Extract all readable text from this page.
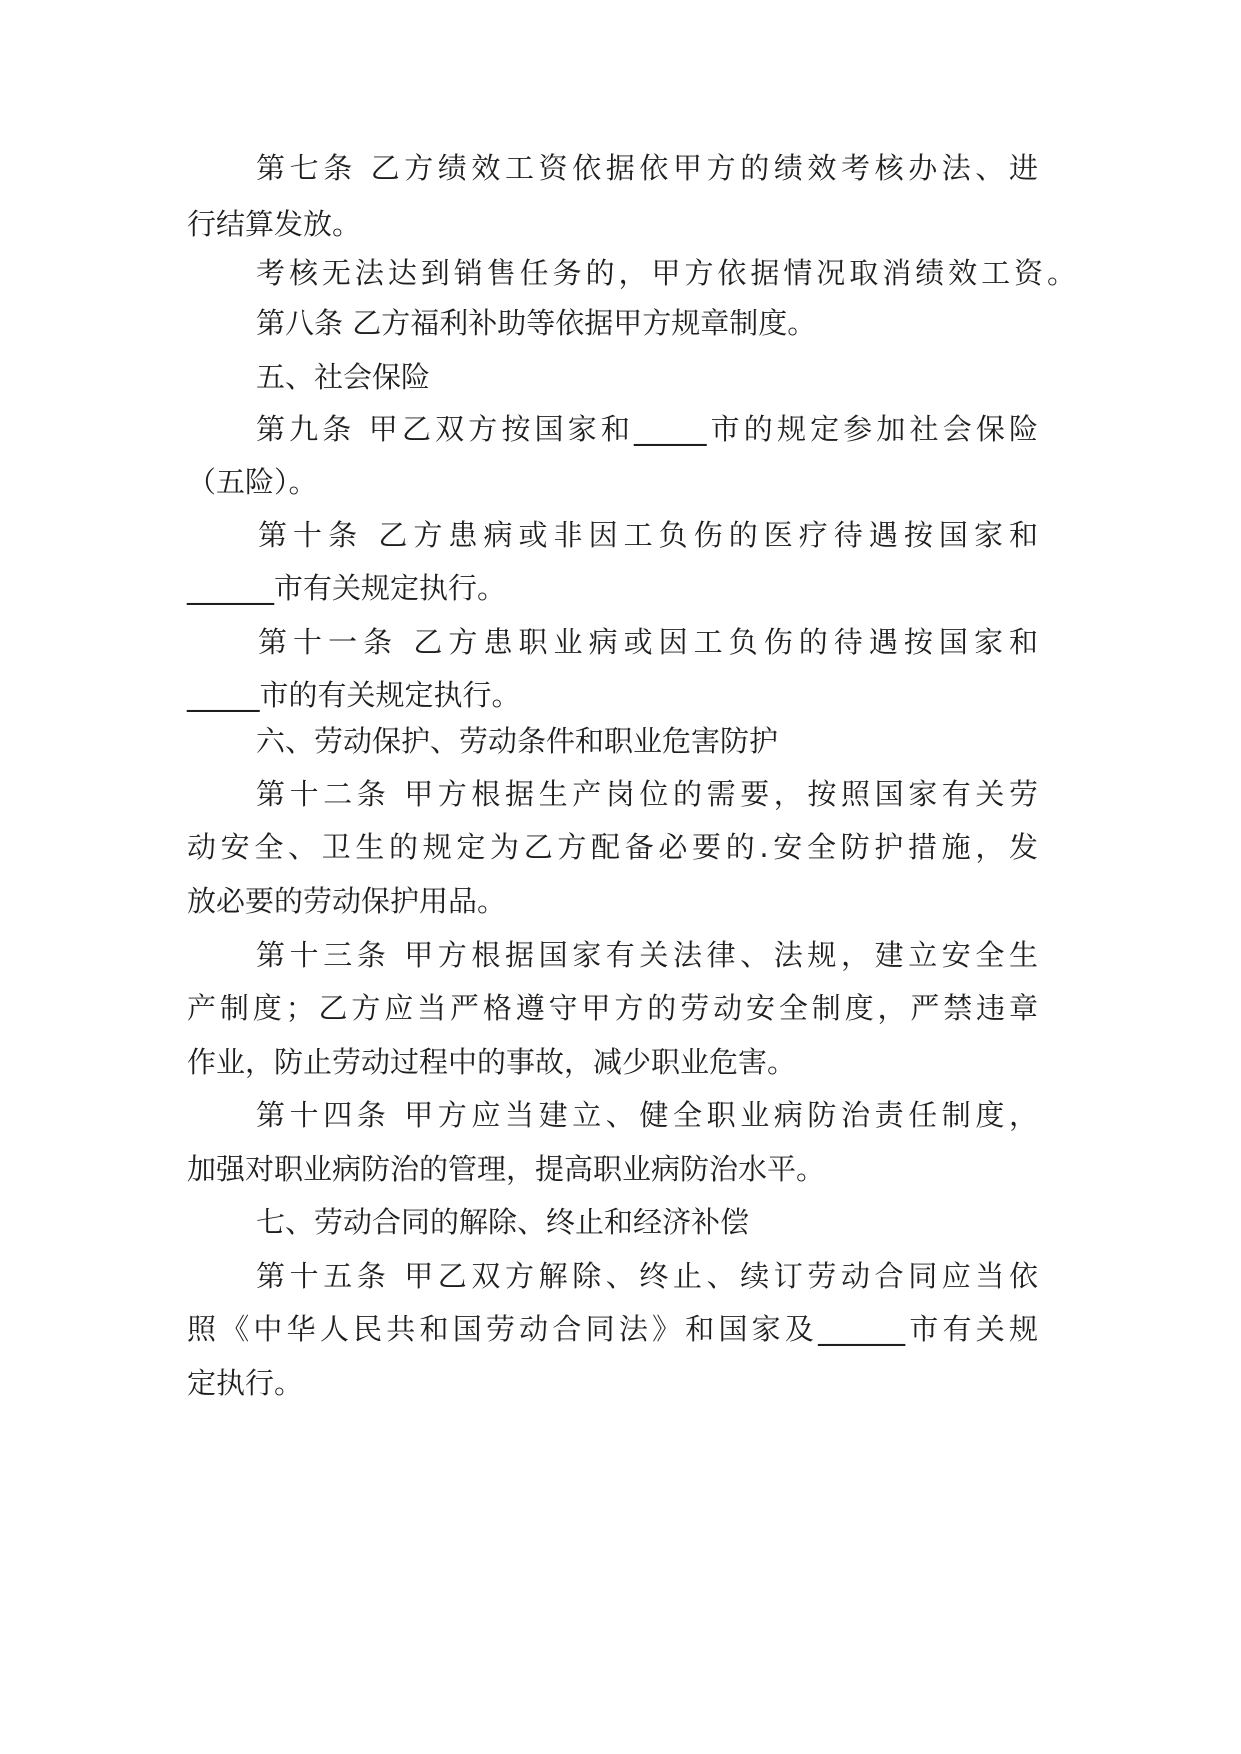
第七条 乙方绩效工资依据依甲方的绩效考核办法、进

行结算发放。

考核无法达到销售任务的，甲方依据情况取消绩效工资。

第八条 乙方福利补助等依据甲方规章制度。

五、社会保险

第九条 甲乙双方按国家和_____市的规定参加社会保险

（五险）。

第十条 乙方患病或非因工负伤的医疗待遇按国家和

______市有关规定执行。

第十一条 乙方患职业病或因工负伤的待遇按国家和

_____市的有关规定执行。

六、劳动保护、劳动条件和职业危害防护

第十二条 甲方根据生产岗位的需要，按照国家有关劳

动安全、卫生的规定为乙方配备必要的.安全防护措施，发

放必要的劳动保护用品。

第十三条 甲方根据国家有关法律、法规，建立安全生

产制度；乙方应当严格遵守甲方的劳动安全制度，严禁违章

作业，防止劳动过程中的事故，减少职业危害。

第十四条 甲方应当建立、健全职业病防治责任制度，

加强对职业病防治的管理，提高职业病防治水平。

七、劳动合同的解除、终止和经济补偿

第十五条 甲乙双方解除、终止、续订劳动合同应当依

照《中华人民共和国劳动合同法》和国家及______市有关规

定执行。
